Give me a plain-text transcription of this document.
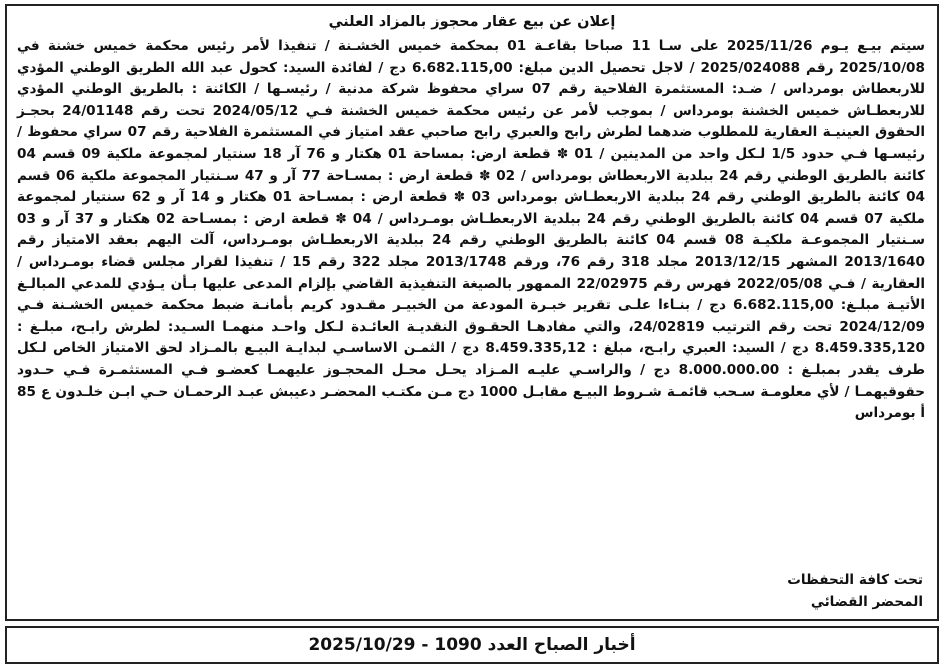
إعلان عن بيع عقار محجوز بالمزاد العلني

سيتم بيـع يـوم 2025/11/26 على سـا 11 صباحا بقاعـة 01 بمحكمة خميس الخشـنة / تنفيذا لأمر رئيس محكمة خميس خشنة في 2025/10/08 رقم 2025/024088 / لاجل تحصيل الدين مبلغ: 6.682.115,00 دج / لفائدة السيد: كحول عبد الله الطريق الوطني المؤدي للاربعطاش بومرداس / ضـد: المستثمرة الفلاحية رقم 07 سراي محفوظ شركة مدنية / رئيسـها / الكائنة : بالطريق الوطني المؤدي للاربعطـاش خميس الخشنة بومرداس / بموجب لأمر عن رئيس محكمة خميس الخشنة فـي 2024/05/12 تحت رقم 24/01148 بحجـز الحقوق العينيـة العقارية للمطلوب ضدهما لطرش رابح والعبري رابح صاحبي عقد امتياز في المستثمرة الفلاحية رقم 07 سراي محفوظ / رئيسـها فـي حدود 1/5 لـكل واحد من المدينين / 01 ✽ قطعة ارض: بمساحة 01 هكتار و 76 آر 18 سنتيار لمجموعة ملكية 09 قسم 04 كائنة بالطريق الوطني رقم 24 ببلدية الاربعطاش بومرداس / 02 ✽ قطعة ارض : بمسـاحة 77 آر و 47 سـنتيار المجموعة ملكية 06 قسم 04 كائنة بالطريق الوطني رقم 24 ببلدية الاربعطـاش بومرداس 03 ✽ قطعة ارض : بمسـاحة 01 هكتار و 14 آر و 62 سنتيار لمجموعة ملكية 07 قسم 04 كائنة بالطريق الوطني رقم 24 ببلدية الاربعطـاش بومـرداس / 04 ✽ قطعة ارض : بمسـاحة 02 هكتار و 37 آر و 03 سـنتيار المجموعـة ملكيـة 08 قسم 04 كائنة بالطريق الوطني رقم 24 ببلدية الاربعطـاش بومـرداس، آلت اليهم بعقد الامتياز رقم 2013/1640 المشهر 2013/12/15 مجلد 318 رقم 76، ورقم 2013/1748 مجلد 322 رقم 15 / تنفيذا لقرار مجلس قضاء بومـرداس / العقارية / فـي 2022/05/08 فهرس رقم 22/02975 الممهور بالصيغة التنفيذية القاضي بإلزام المدعى عليها بـأن يـؤدي للمدعي المبالـغ الأتيـة مبلـغ: 6.682.115,00 دج / بنـاءا علـى تقرير خبـرة المودعة من الخبيـر مقـدود كريم بأمانـة ضبط محكمة خميس الخشـنة فـي 2024/12/09 تحت رقم الترتيب 24/02819، والتي مفادهـا الحقـوق النقديـة العائـدة لـكل واحـد منهمـا السـيد: لطرش رابـح، مبلـغ : 8.459.335,120 دج / السيد: العبري رابـح، مبلغ : 8.459.335,12 دج / الثمـن الاساسـي لبدايـة البيـع بالمـزاد لحق الامتياز الخاص لـكل طرف يقدر بمبلـغ : 8.000.000.00 دج / والراسـي عليـه المـزاد يحـل محـل المحجـوز عليهمـا كعضـو فـي المستثمـرة فـي حـدود حقوقيهمـا / لأي معلومـة سـحب قائمـة شـروط البيـع مقابـل 1000 دج مـن مكتـب المحضـر دعيبش عبـد الرحمـان حـي ابـن خلـدون ع 85 أ بومرداس

تحت كافة التحفظات
المحضر القضائي
أخبار الصباح العدد 1090 - 2025/10/29
